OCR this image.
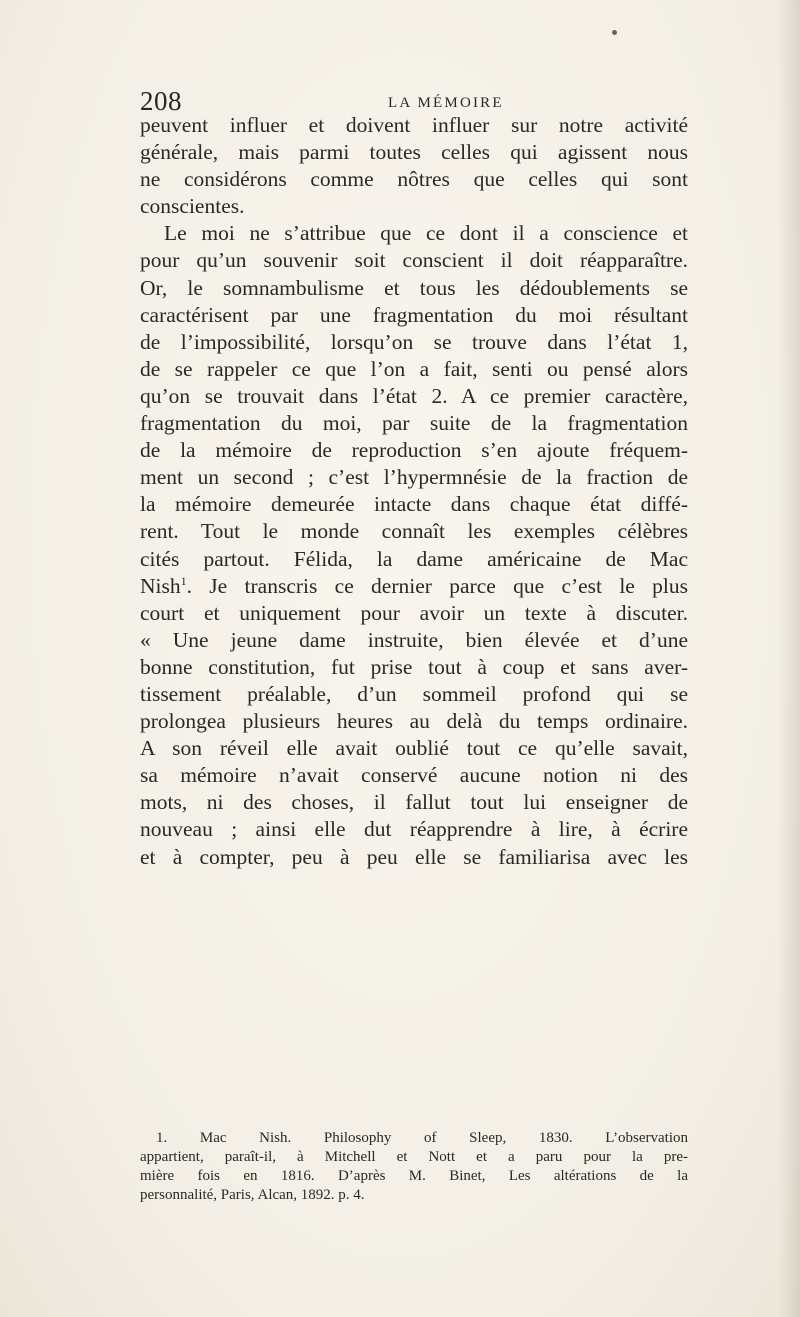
208	LA MÉMOIRE

peuvent influer et doivent influer sur notre activité

générale, mais parmi toutes celles qui agissent nous

ne considérons comme nôtres que celles qui sont

conscientes.

Le moi ne s’attribue que ce dont il a conscience et

pour qu’un souvenir soit conscient il doit réapparaître.

Or, le somnambulisme et tous les dédoublements se

caractérisent par une fragmentation du moi résultant

de l’impossibilité, lorsqu’on se trouve dans l’état 1,

de se rappeler ce que l’on a fait, senti ou pensé alors

qu’on se trouvait dans l’état 2. A ce premier caractère,

fragmentation du moi, par suite de la fragmentation

de la mémoire de reproduction s’en ajoute fréquem-

ment un second ; c’est l’hypermnésie de la fraction de

la mémoire demeurée intacte dans chaque état diffé-

rent. Tout le monde connaît les exemples célèbres

cités partout. Félida, la dame américaine de Mac

Nish$^1$. Je transcris ce dernier parce que c’est le plus

court et uniquement pour avoir un texte à discuter.

« Une jeune dame instruite, bien élevée et d’une

bonne constitution, fut prise tout à coup et sans aver-

tissement préalable, d’un sommeil profond qui se

prolongea plusieurs heures au delà du temps ordinaire.

A son réveil elle avait oublié tout ce qu’elle savait,

sa mémoire n’avait conservé aucune notion ni des

mots, ni des choses, il fallut tout lui enseigner de

nouveau ; ainsi elle dut réapprendre à lire, à écrire

et à compter, peu à peu elle se familiarisa avec les

1. Mac Nish. Philosophy of Sleep, 1830. L’observation

appartient, paraît-il, à Mitchell et Nott et a paru pour la pre-

mière fois en 1816. D’après M. Binet, Les altérations de la

personnalité, Paris, Alcan, 1892. p. 4.
